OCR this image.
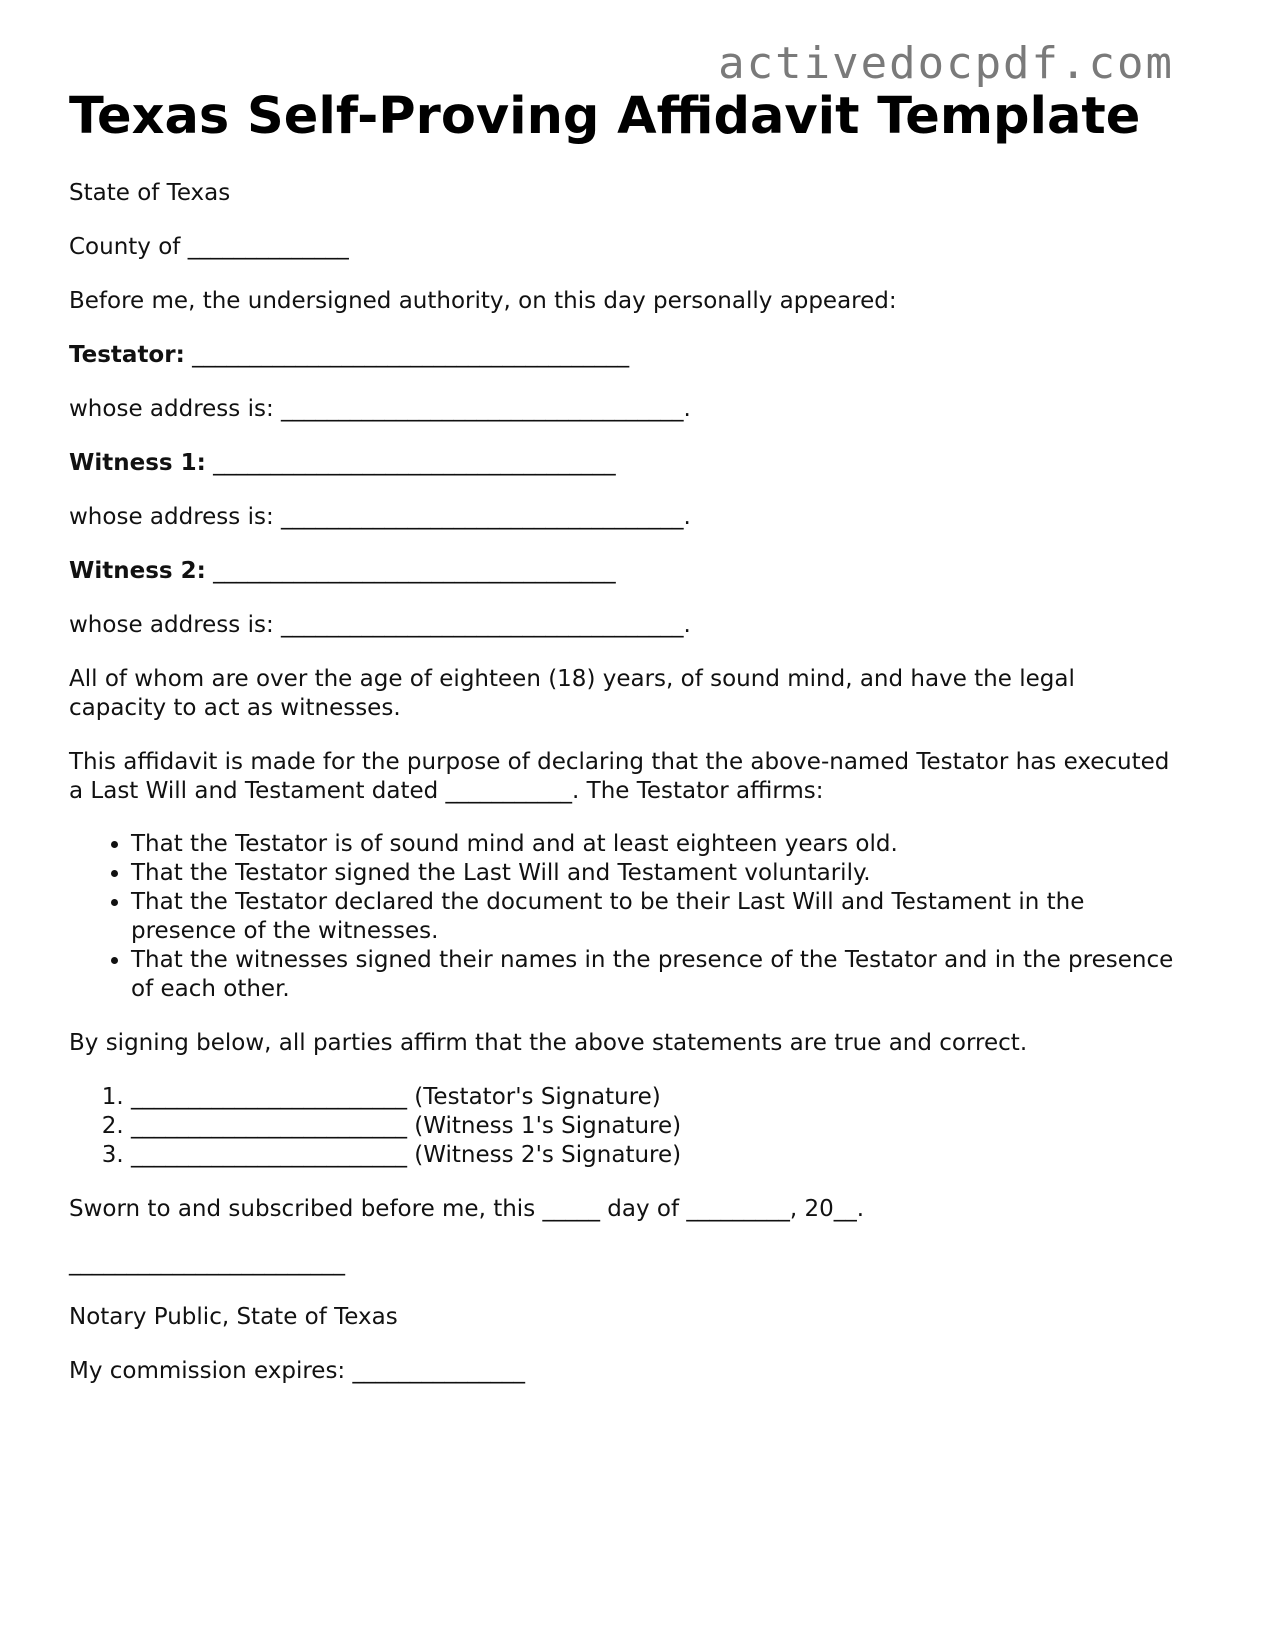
activedocpdf.com
Texas Self-Proving Affidavit Template

State of Texas

County of ______________

Before me, the undersigned authority, on this day personally appeared:

Testator: ______________________________________

whose address is: ___________________________________.

Witness 1: ___________________________________

whose address is: ___________________________________.

Witness 2: ___________________________________

whose address is: ___________________________________.

All of whom are over the age of eighteen (18) years, of sound mind, and have the legal capacity to act as witnesses.

This affidavit is made for the purpose of declaring that the above-named Testator has executed a Last Will and Testament dated ___________. The Testator affirms:

• That the Testator is of sound mind and at least eighteen years old.
• That the Testator signed the Last Will and Testament voluntarily.
• That the Testator declared the document to be their Last Will and Testament in the presence of the witnesses.
• That the witnesses signed their names in the presence of the Testator and in the presence of each other.

By signing below, all parties affirm that the above statements are true and correct.

1. ________________________ (Testator's Signature)
2. ________________________ (Witness 1's Signature)
3. ________________________ (Witness 2's Signature)

Sworn to and subscribed before me, this _____ day of _________, 20__.

________________________

Notary Public, State of Texas

My commission expires: _______________
